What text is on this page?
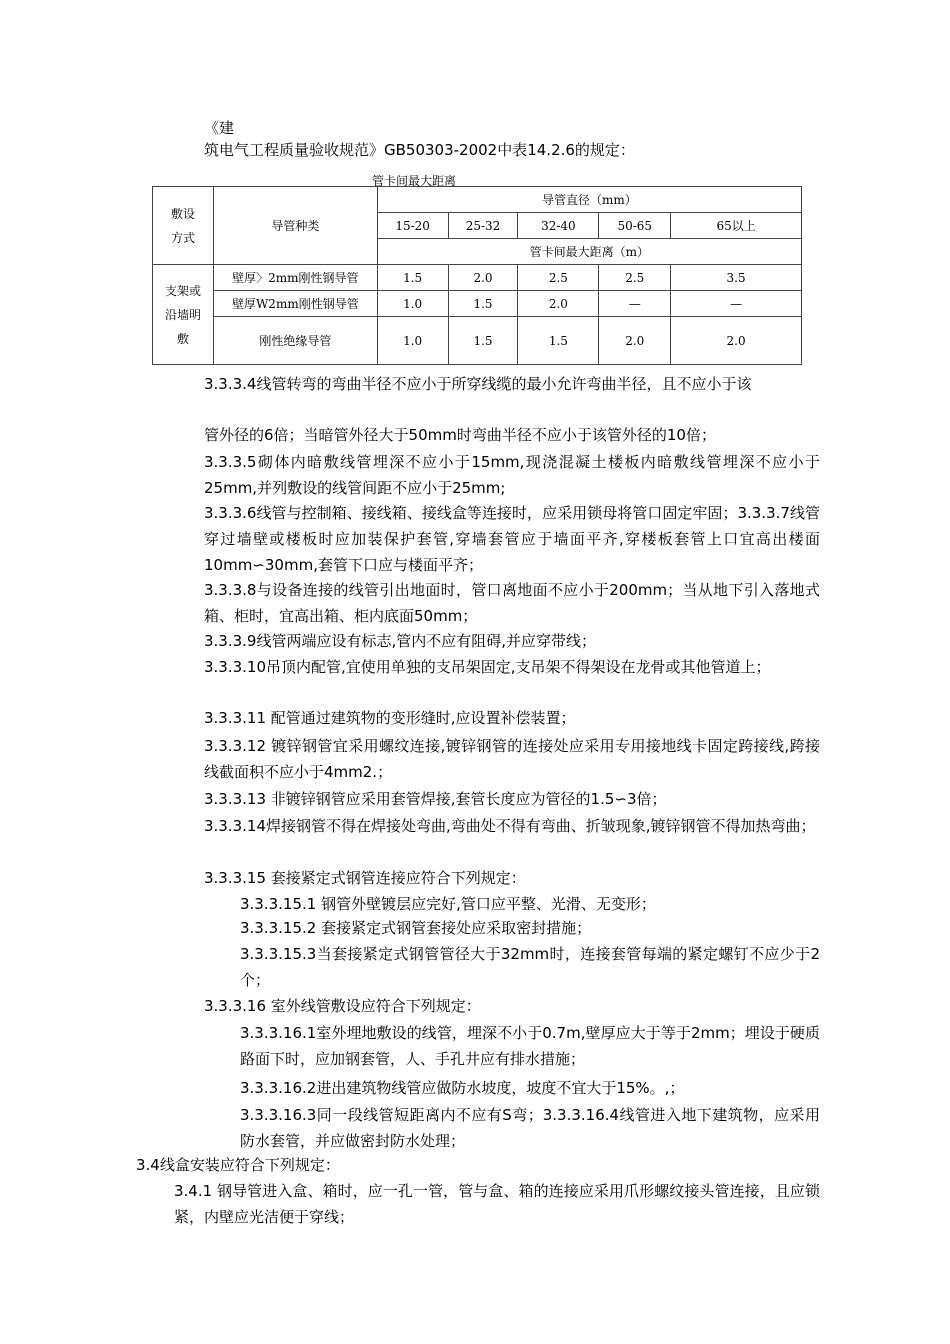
《建
筑电气工程质量验收规范》GB50303-2002中表14.2.6的规定：
管卡间最大距离
敷设方式	导管种类	导管直径（mm）				
		15-20	25-32	32-40	50-65	65以上
		管卡间最大距离（m）				

支架或沿墙明敷	壁厚〉2mm刚性钢导管	1.5	2.0	2.5	2.5	3.5
	壁厚W2mm刚性钢导管	1.0	1.5	2.0	—	—
	刚性绝缘导管	1.0	1.5	1.5	2.0	2.0
3.3.3.4线管转弯的弯曲半径不应小于所穿线缆的最小允许弯曲半径，且不应小于该
管外径的6倍；当暗管外径大于50mm时弯曲半径不应小于该管外径的10倍；
3.3.3.5砌体内暗敷线管埋深不应小于15mm,现浇混凝土楼板内暗敷线管埋深不应小于25mm,并列敷设的线管间距不应小于25mm;
3.3.3.6线管与控制箱、接线箱、接线盒等连接时，应采用锁母将管口固定牢固；3.3.3.7线管穿过墙壁或楼板时应加装保护套管,穿墙套管应于墙面平齐,穿楼板套管上口宜高出楼面10mm∽30mm,套管下口应与楼面平齐；
3.3.3.8与设备连接的线管引出地面时，管口离地面不应小于200mm；当从地下引入落地式箱、柜时，宜高出箱、柜内底面50mm；
3.3.3.9线管两端应设有标志,管内不应有阻碍,并应穿带线；
3.3.3.10吊顶内配管,宜使用单独的支吊架固定,支吊架不得架设在龙骨或其他管道上；
3.3.3.11 配管通过建筑物的变形缝时,应设置补偿装置；
3.3.3.12 镀锌钢管宜采用螺纹连接,镀锌钢管的连接处应采用专用接地线卡固定跨接线,跨接线截面积不应小于4mm2.；
3.3.3.13 非镀锌钢管应采用套管焊接,套管长度应为管径的1.5∽3倍；
3.3.3.14焊接钢管不得在焊接处弯曲,弯曲处不得有弯曲、折皱现象,镀锌钢管不得加热弯曲；
3.3.3.15 套接紧定式钢管连接应符合下列规定：
3.3.3.15.1 钢管外壁镀层应完好,管口应平整、光滑、无变形；
3.3.3.15.2 套接紧定式钢管套接处应采取密封措施；
3.3.3.15.3当套接紧定式钢管管径大于32mm时，连接套管每端的紧定螺钉不应少于2个；
3.3.3.16 室外线管敷设应符合下列规定：
3.3.3.16.1室外埋地敷设的线管，埋深不小于0.7m,壁厚应大于等于2mm；埋设于硬质路面下时，应加钢套管，人、手孔井应有排水措施；
3.3.3.16.2进出建筑物线管应做防水坡度，坡度不宜大于15%。,；
3.3.3.16.3同一段线管短距离内不应有S弯；3.3.3.16.4线管进入地下建筑物，应采用防水套管，并应做密封防水处理；
3.4线盒安装应符合下列规定：
3.4.1 钢导管进入盒、箱时，应一孔一管，管与盒、箱的连接应采用爪形螺纹接头管连接，且应锁紧，内壁应光洁便于穿线；
